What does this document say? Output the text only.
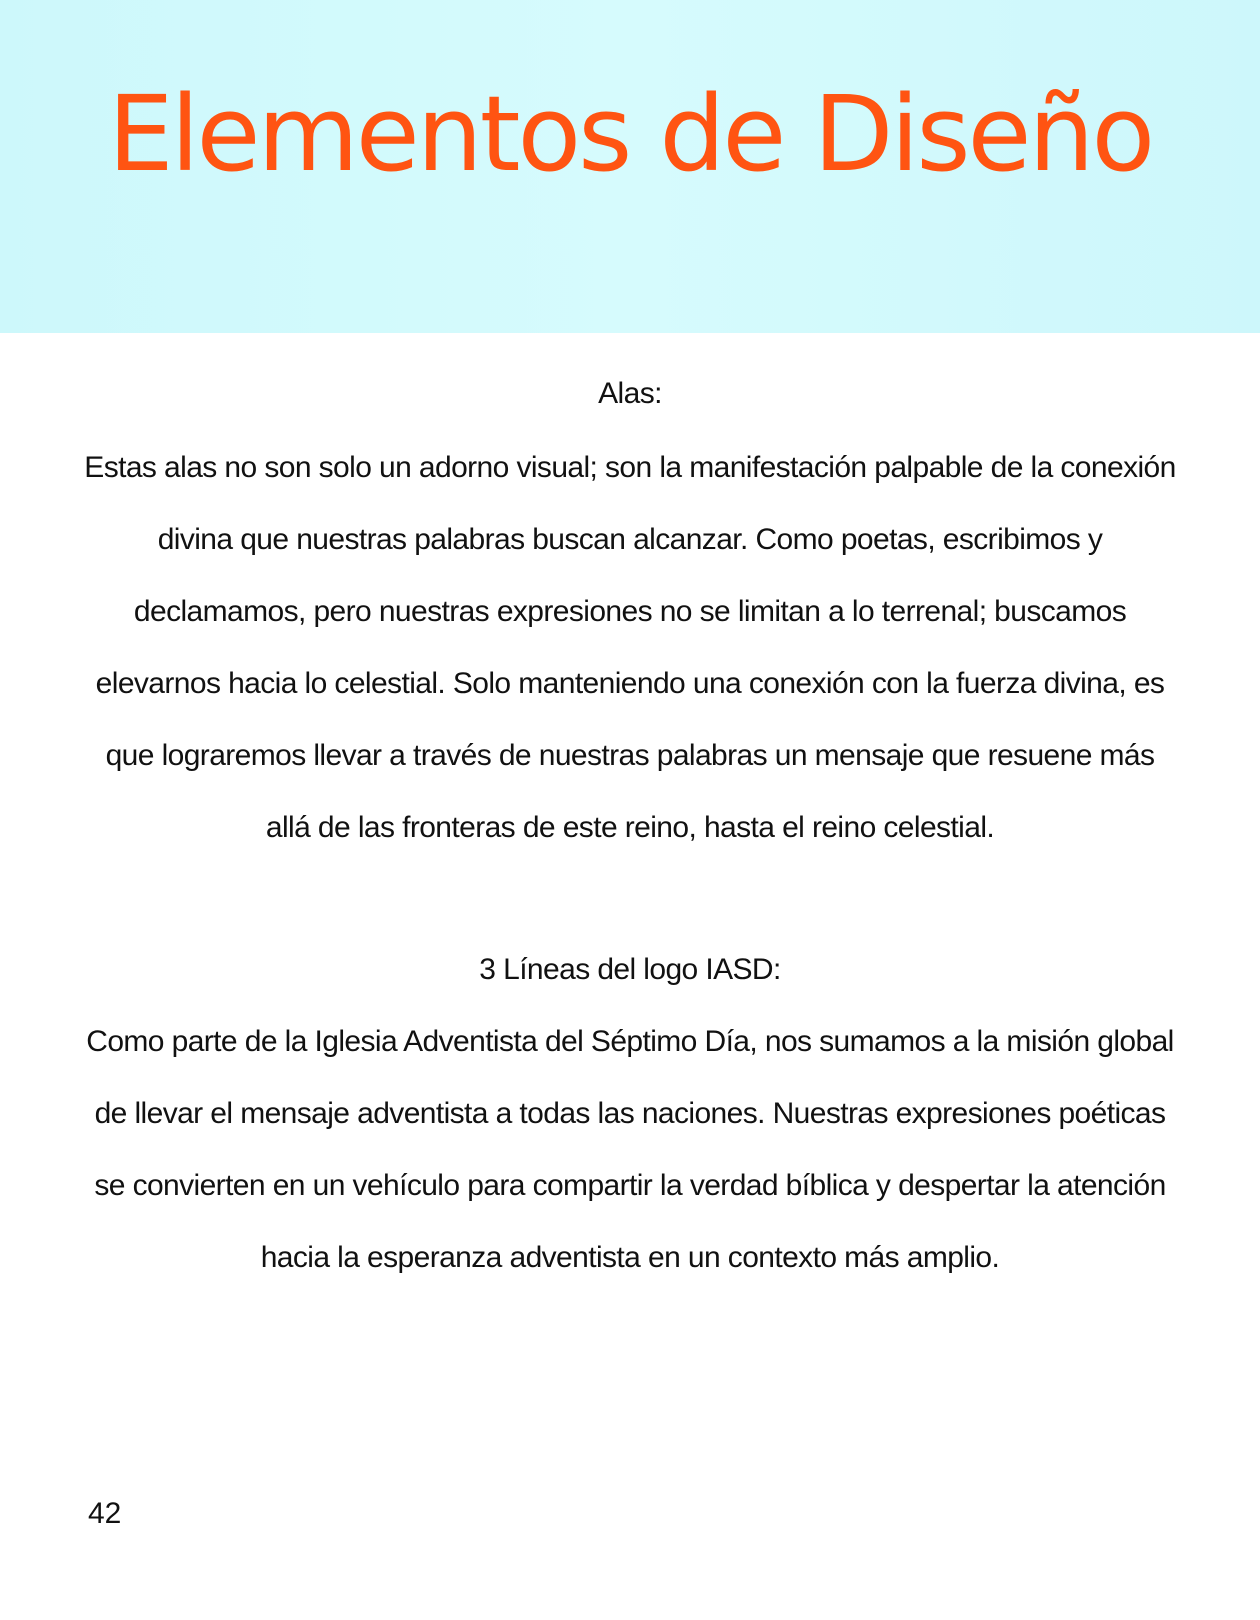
Elementos de Diseño
Alas:

Estas alas no son solo un adorno visual; son la manifestación palpable de la conexión divina que nuestras palabras buscan alcanzar. Como poetas, escribimos y declamamos, pero nuestras expresiones no se limitan a lo terrenal; buscamos elevarnos hacia lo celestial. Solo manteniendo una conexión con la fuerza divina, es que lograremos llevar a través de nuestras palabras un mensaje que resuene más allá de las fronteras de este reino, hasta el reino celestial.

3 Líneas del logo IASD:

Como parte de la Iglesia Adventista del Séptimo Día, nos sumamos a la misión global de llevar el mensaje adventista a todas las naciones. Nuestras expresiones poéticas se convierten en un vehículo para compartir la verdad bíblica y despertar la atención hacia la esperanza adventista en un contexto más amplio.

42
